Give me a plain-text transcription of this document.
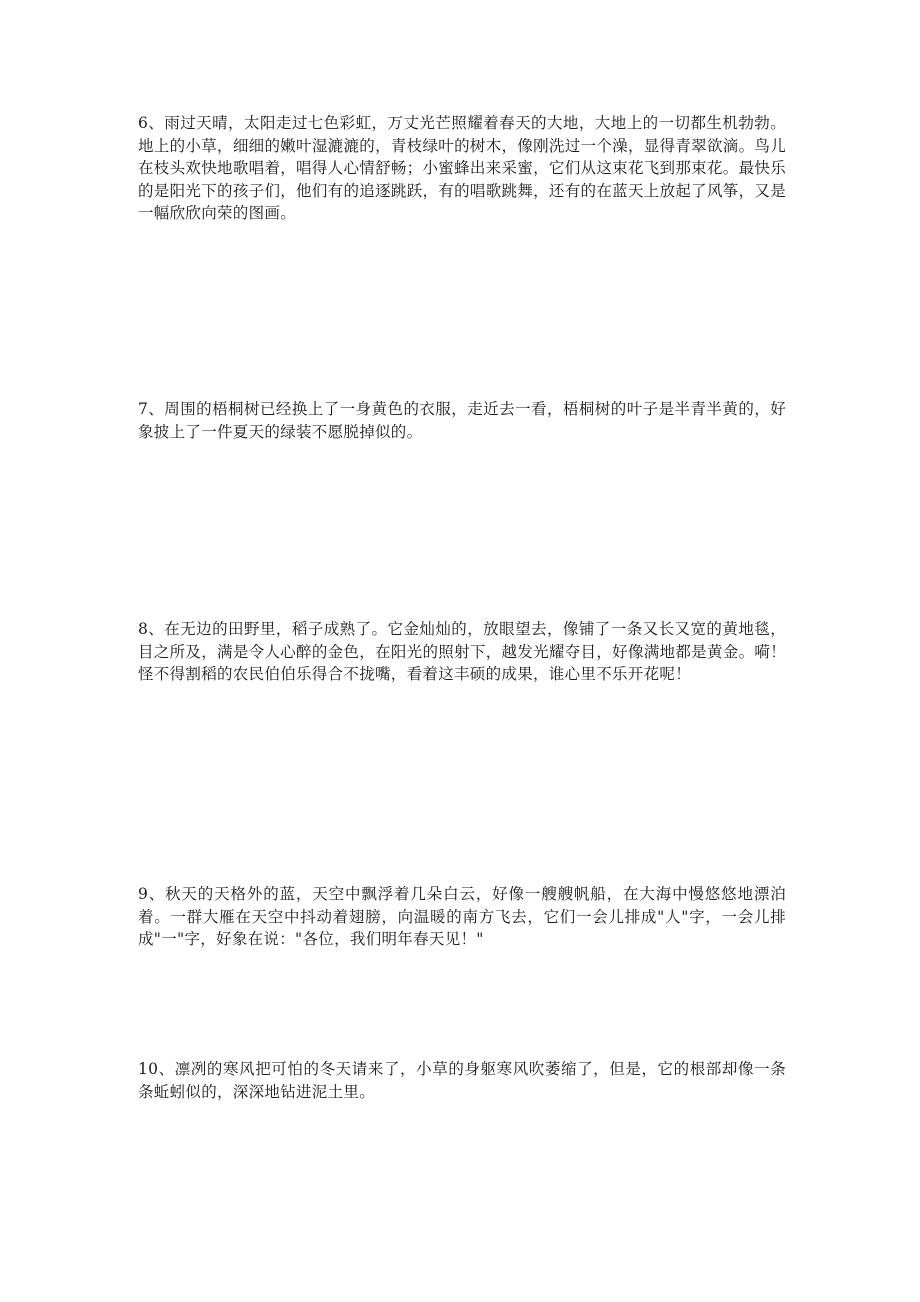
6、雨过天晴，太阳走过七色彩虹，万丈光芒照耀着春天的大地，大地上的一切都生机勃勃。地上的小草，细细的嫩叶湿漉漉的，青枝绿叶的树木，像刚洗过一个澡，显得青翠欲滴。鸟儿在枝头欢快地歌唱着，唱得人心情舒畅；小蜜蜂出来采蜜，它们从这束花飞到那束花。最快乐的是阳光下的孩子们，他们有的追逐跳跃，有的唱歌跳舞，还有的在蓝天上放起了风筝，又是一幅欣欣向荣的图画。

7、周围的梧桐树已经换上了一身黄色的衣服，走近去一看，梧桐树的叶子是半青半黄的，好象披上了一件夏天的绿装不愿脱掉似的。

8、在无边的田野里，稻子成熟了。它金灿灿的，放眼望去，像铺了一条又长又宽的黄地毯，目之所及，满是令人心醉的金色，在阳光的照射下，越发光耀夺目，好像满地都是黄金。嗬！怪不得割稻的农民伯伯乐得合不拢嘴，看着这丰硕的成果，谁心里不乐开花呢！

9、秋天的天格外的蓝，天空中飘浮着几朵白云，好像一艘艘帆船，在大海中慢悠悠地漂泊着。一群大雁在天空中抖动着翅膀，向温暖的南方飞去，它们一会儿排成"人"字，一会儿排成"一"字，好象在说："各位，我们明年春天见！"

10、凛冽的寒风把可怕的冬天请来了，小草的身躯寒风吹萎缩了，但是，它的根部却像一条条蚯蚓似的，深深地钻进泥土里。
